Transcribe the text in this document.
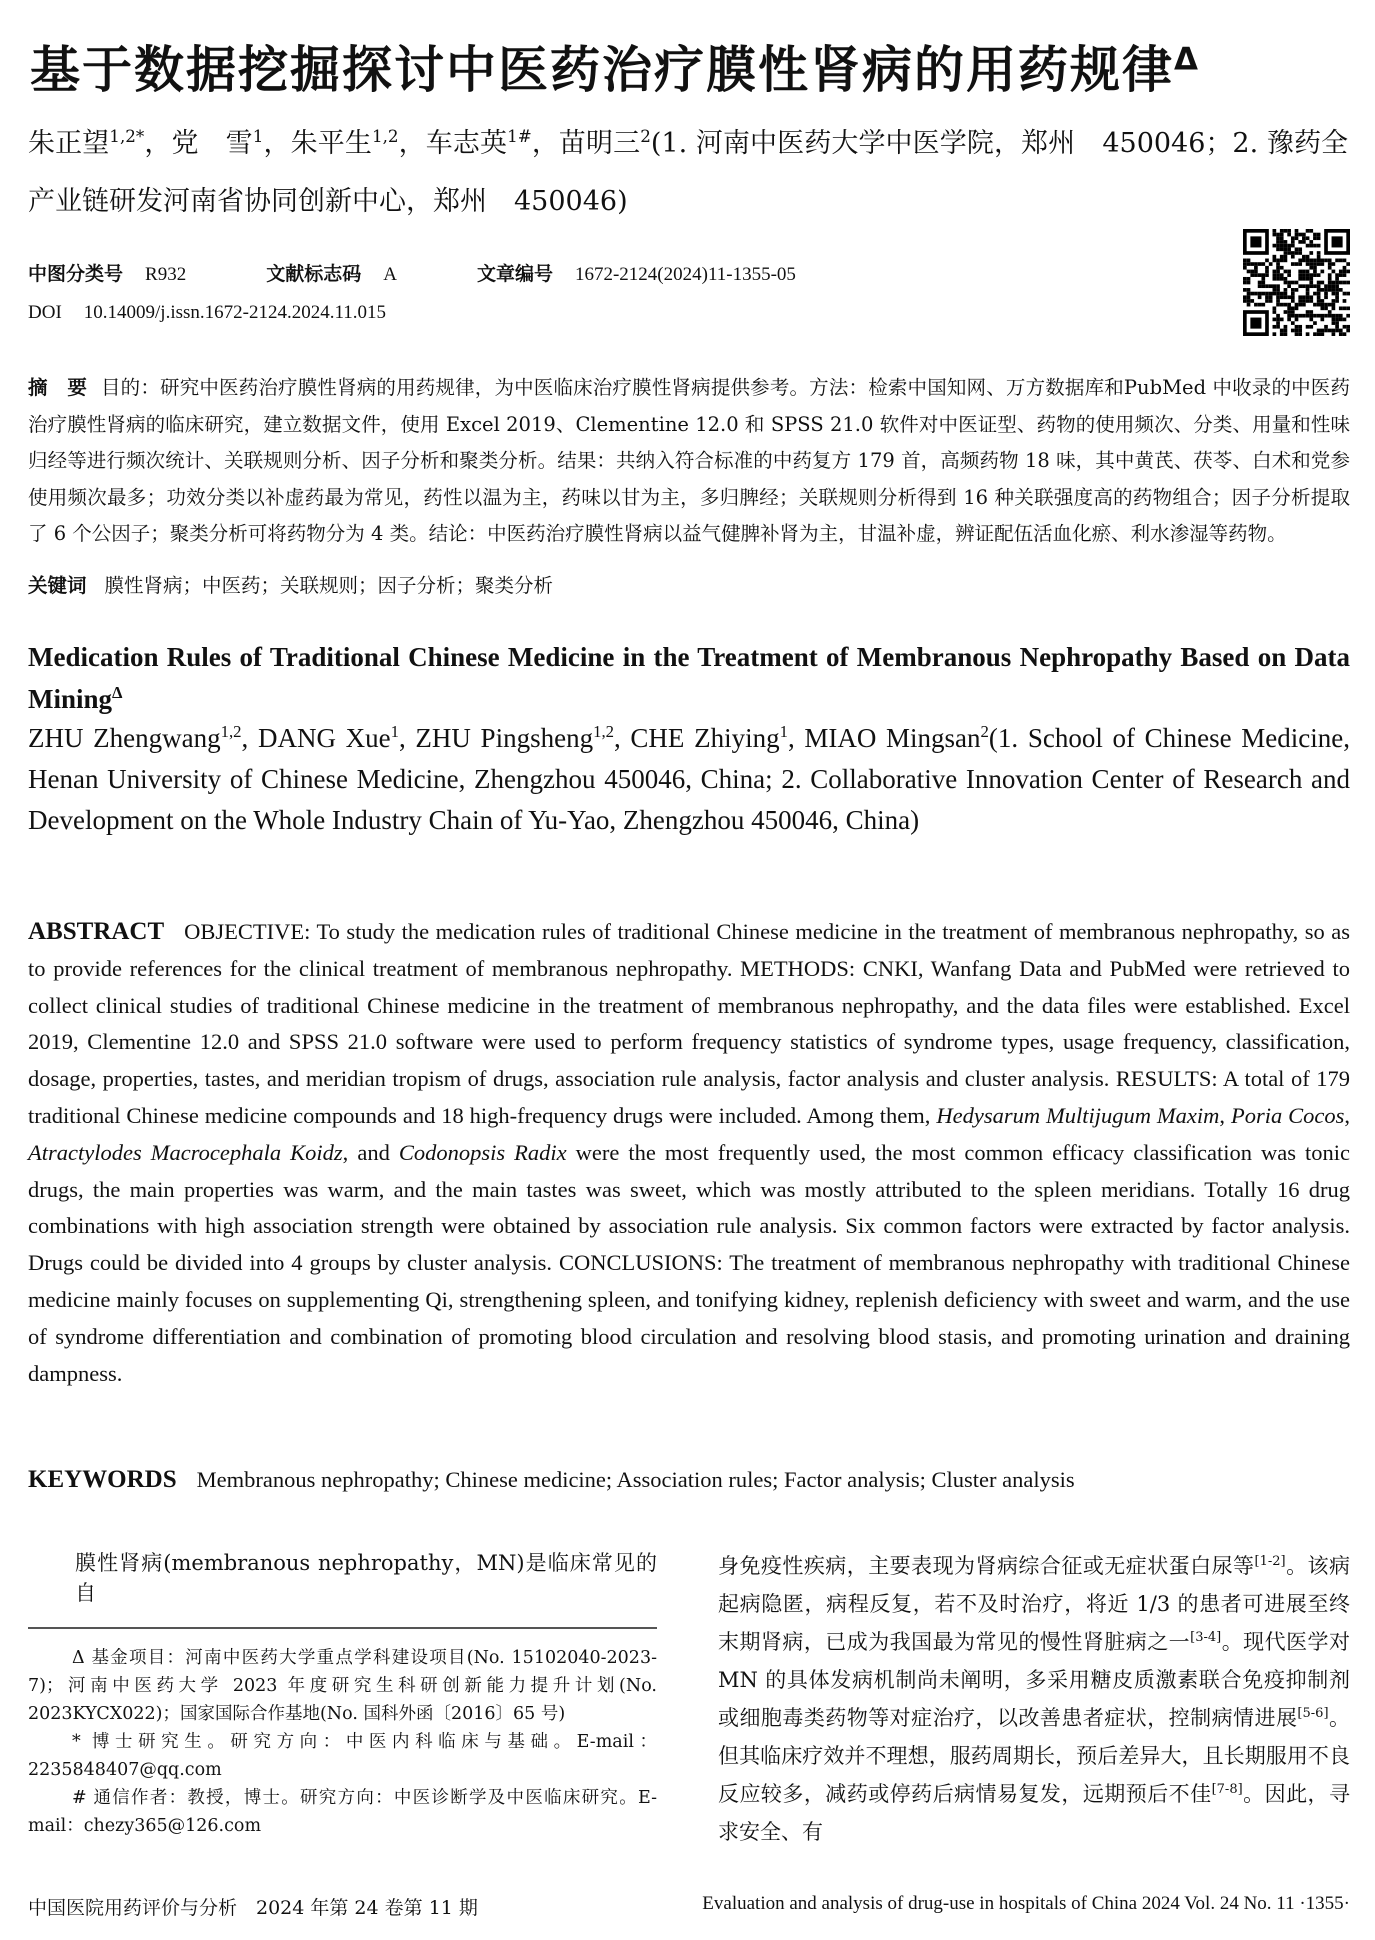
基于数据挖掘探讨中医药治疗膜性肾病的用药规律$^\Delta$
朱正望$^{1,2*}$，党　雪$^1$，朱平生$^{1,2}$，车志英$^{1\#}$，苗明三$^2$(1. 河南中医药大学中医学院，郑州　450046；2. 豫药全产业链研发河南省协同创新中心，郑州　450046)
中图分类号 R932	文献标志码 A	文章编号 1672-2124(2024)11-1355-05
DOI 10.14009/j.issn.1672-2124.2024.11.015
摘　要 目的：研究中医药治疗膜性肾病的用药规律，为中医临床治疗膜性肾病提供参考。方法：检索中国知网、万方数据库和PubMed 中收录的中医药治疗膜性肾病的临床研究，建立数据文件，使用 Excel 2019、Clementine 12.0 和 SPSS 21.0 软件对中医证型、药物的使用频次、分类、用量和性味归经等进行频次统计、关联规则分析、因子分析和聚类分析。结果：共纳入符合标准的中药复方 179 首，高频药物 18 味，其中黄芪、茯苓、白术和党参使用频次最多；功效分类以补虚药最为常见，药性以温为主，药味以甘为主，多归脾经；关联规则分析得到 16 种关联强度高的药物组合；因子分析提取了 6 个公因子；聚类分析可将药物分为 4 类。结论：中医药治疗膜性肾病以益气健脾补肾为主，甘温补虚，辨证配伍活血化瘀、利水渗湿等药物。
关键词 膜性肾病；中医药；关联规则；因子分析；聚类分析
Medication Rules of Traditional Chinese Medicine in the Treatment of Membranous Nephropathy Based on Data Mining$^\Delta$
ZHU Zhengwang$^{1,2}$, DANG Xue$^1$, ZHU Pingsheng$^{1,2}$, CHE Zhiying$^1$, MIAO Mingsan$^2$(1. School of Chinese Medicine, Henan University of Chinese Medicine, Zhengzhou 450046, China; 2. Collaborative Innovation Center of Research and Development on the Whole Industry Chain of Yu-Yao, Zhengzhou 450046, China)
ABSTRACT OBJECTIVE: To study the medication rules of traditional Chinese medicine in the treatment of membranous nephropathy, so as to provide references for the clinical treatment of membranous nephropathy. METHODS: CNKI, Wanfang Data and PubMed were retrieved to collect clinical studies of traditional Chinese medicine in the treatment of membranous nephropathy, and the data files were established. Excel 2019, Clementine 12.0 and SPSS 21.0 software were used to perform frequency statistics of syndrome types, usage frequency, classification, dosage, properties, tastes, and meridian tropism of drugs, association rule analysis, factor analysis and cluster analysis. RESULTS: A total of 179 traditional Chinese medicine compounds and 18 high-frequency drugs were included. Among them, Hedysarum Multijugum Maxim, Poria Cocos, Atractylodes Macrocephala Koidz, and Codonopsis Radix were the most frequently used, the most common efficacy classification was tonic drugs, the main properties was warm, and the main tastes was sweet, which was mostly attributed to the spleen meridians. Totally 16 drug combinations with high association strength were obtained by association rule analysis. Six common factors were extracted by factor analysis. Drugs could be divided into 4 groups by cluster analysis. CONCLUSIONS: The treatment of membranous nephropathy with traditional Chinese medicine mainly focuses on supplementing Qi, strengthening spleen, and tonifying kidney, replenish deficiency with sweet and warm, and the use of syndrome differentiation and combination of promoting blood circulation and resolving blood stasis, and promoting urination and draining dampness.
KEYWORDS Membranous nephropathy; Chinese medicine; Association rules; Factor analysis; Cluster analysis
膜性肾病(membranous nephropathy，MN)是临床常见的自

Δ 基金项目：河南中医药大学重点学科建设项目(No. 15102040-2023-7)；河南中医药大学 2023 年度研究生科研创新能力提升计划(No. 2023KYCX022)；国家国际合作基地(No. 国科外函〔2016〕65 号)

* 博士研究生。研究方向：中医内科临床与基础。E-mail：2235848407@qq.com

# 通信作者：教授，博士。研究方向：中医诊断学及中医临床研究。E-mail：chezy365@126.com

身免疫性疾病，主要表现为肾病综合征或无症状蛋白尿等[1-2]。该病起病隐匿，病程反复，若不及时治疗，将近 1/3 的患者可进展至终末期肾病，已成为我国最为常见的慢性肾脏病之一[3-4]。现代医学对 MN 的具体发病机制尚未阐明，多采用糖皮质激素联合免疫抑制剂或细胞毒类药物等对症治疗，以改善患者症状，控制病情进展[5-6]。但其临床疗效并不理想，服药周期长，预后差异大，且长期服用不良反应较多，减药或停药后病情易复发，远期预后不佳[7-8]。因此，寻求安全、有
中国医院用药评价与分析　2024 年第 24 卷第 11 期	Evaluation and analysis of drug-use in hospitals of China 2024 Vol. 24 No. 11 ·1355·
